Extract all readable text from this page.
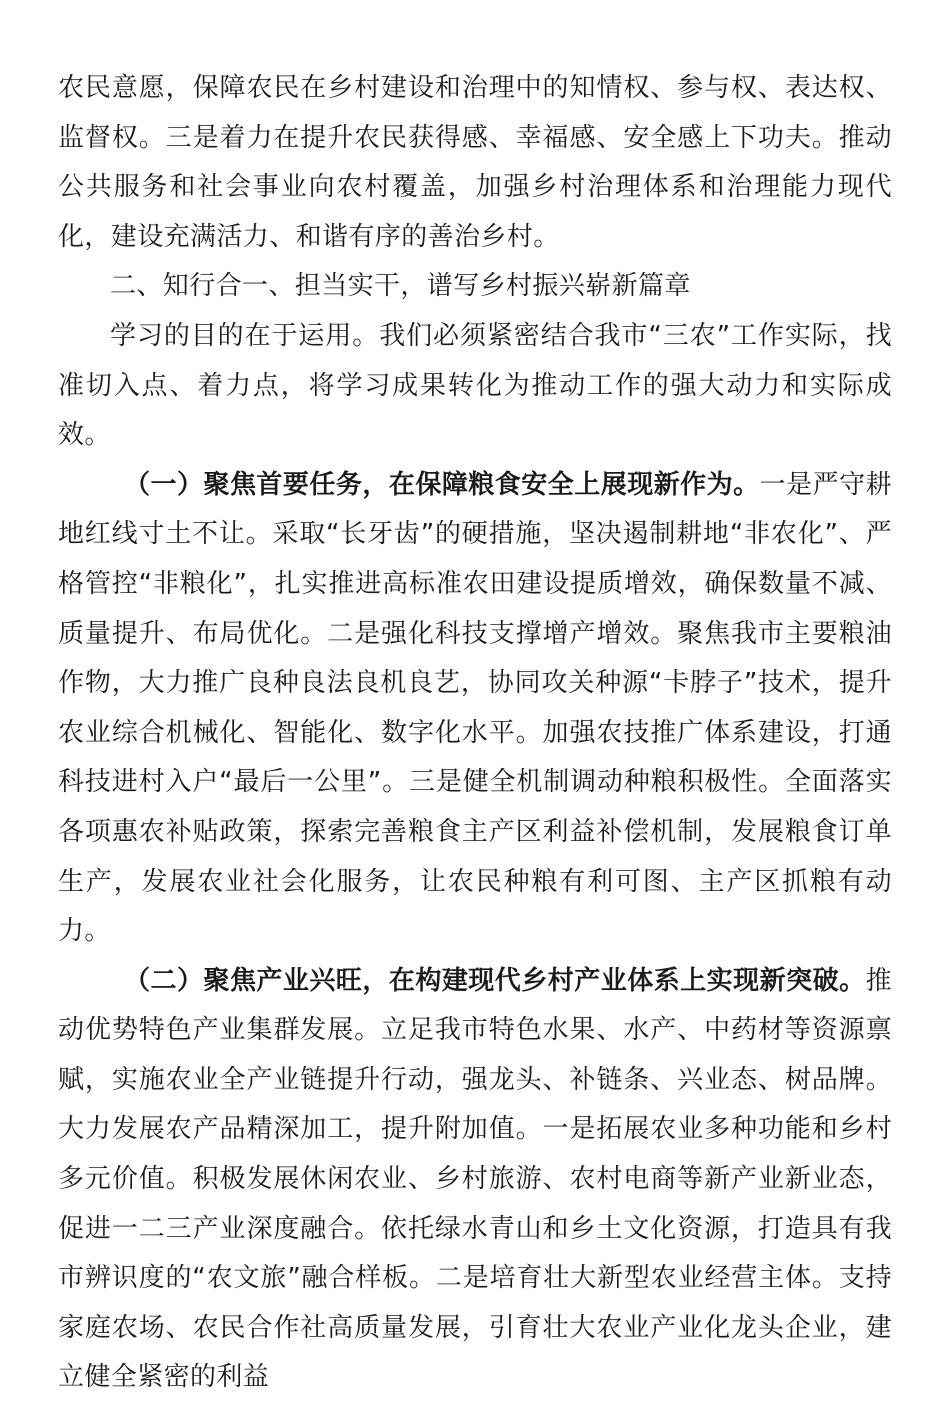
农民意愿，保障农民在乡村建设和治理中的知情权、参与权、表达权、监督权。三是着力在提升农民获得感、幸福感、安全感上下功夫。推动公共服务和社会事业向农村覆盖，加强乡村治理体系和治理能力现代化，建设充满活力、和谐有序的善治乡村。

二、知行合一、担当实干，谱写乡村振兴崭新篇章

学习的目的在于运用。我们必须紧密结合我市“三农”工作实际，找准切入点、着力点，将学习成果转化为推动工作的强大动力和实际成效。

（一）聚焦首要任务，在保障粮食安全上展现新作为。一是严守耕地红线寸土不让。采取“长牙齿”的硬措施，坚决遏制耕地“非农化”、严格管控“非粮化”，扎实推进高标准农田建设提质增效，确保数量不减、质量提升、布局优化。二是强化科技支撑增产增效。聚焦我市主要粮油作物，大力推广良种良法良机良艺，协同攻关种源“卡脖子”技术，提升农业综合机械化、智能化、数字化水平。加强农技推广体系建设，打通科技进村入户“最后一公里”。三是健全机制调动种粮积极性。全面落实各项惠农补贴政策，探索完善粮食主产区利益补偿机制，发展粮食订单生产，发展农业社会化服务，让农民种粮有利可图、主产区抓粮有动力。

（二）聚焦产业兴旺，在构建现代乡村产业体系上实现新突破。推动优势特色产业集群发展。立足我市特色水果、水产、中药材等资源禀赋，实施农业全产业链提升行动，强龙头、补链条、兴业态、树品牌。大力发展农产品精深加工，提升附加值。一是拓展农业多种功能和乡村多元价值。积极发展休闲农业、乡村旅游、农村电商等新产业新业态，促进一二三产业深度融合。依托绿水青山和乡土文化资源，打造具有我市辨识度的“农文旅”融合样板。二是培育壮大新型农业经营主体。支持家庭农场、农民合作社高质量发展，引育壮大农业产业化龙头企业，建立健全紧密的利益
